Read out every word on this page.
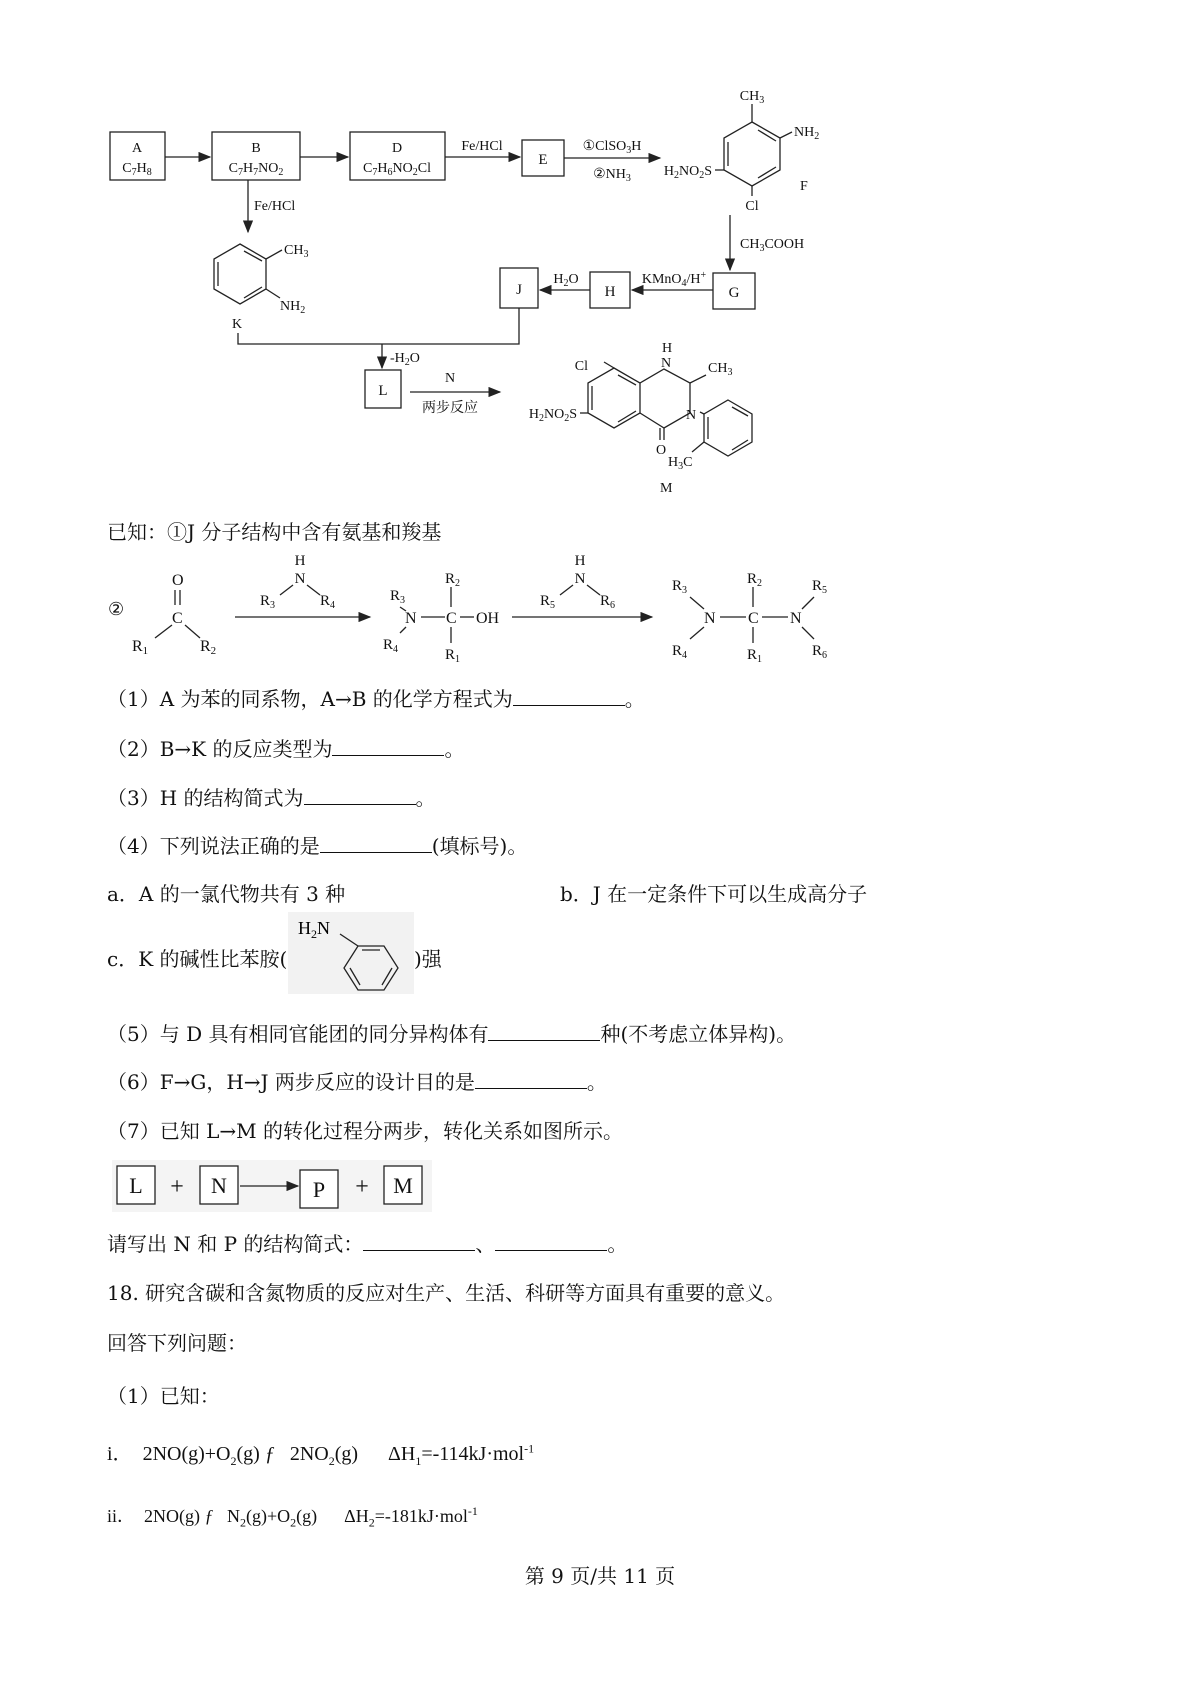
A
$C_7H_8$
B
$C_7H_7NO_2$
D
$C_7H_6NO_2Cl$
Fe/HCl
E
①ClSO$_3$H
$②NH_3$
$CH_3$
$NH_2$
$H_2NO_2S$
Cl
F
$CH_3COOH$
G
KMnO$_4$/H+
H
$H_2O$
J
Fe/HCl
$CH_3$
$NH_2$
K
$-H_2O$
L
N
两步反应
Cl
$H_2NO_2S$
H
N	$CH_3$
N
O
$H_3C$
M
已知：①J 分子结构中含有氨基和羧基
②
O
C
R1	R2
H
N
$R_3$	$R_4$
$R_3$
N
$R_4$
C
$R_2$
$R_1$
OH
H
N
$R_5$	$R_6$
$R_3$
N
$R_4$
C
$R_2$
$R_1$
N
$R_5$
$R_6$
（1）A 为苯的同系物，A→B 的化学方程式为	。
（2）B→K 的反应类型为	。
（3）H 的结构简式为	。
（4）下列说法正确的是	(填标号)。
a．A 的一氯代物共有 3 种	b．J 在一定条件下可以生成高分子
c．K 的碱性比苯胺(
$H_2N$
)强
（5）与 D 具有相同官能团的同分异构体有	种(不考虑立体异构)。
（6）F→G，H→J 两步反应的设计目的是	。
（7）已知 L→M 的转化过程分两步，转化关系如图所示。
L + N	P + M
请写出 N 和 P 的结构简式：	、	。
18. 研究含碳和含氮物质的反应对生产、生活、科研等方面具有重要的意义。
回答下列问题：
（1）已知：
i．  $2NO(g)+O_2(g)$ ƒ   $2NO_2(g)$      $\Delta H_1=-114kJ\cdot mol^{-1}$
ii．  2NO(g) ƒ   $N_2(g)+O_2(g)$      $\Delta H_2=-181kJ\cdot mol^{-1}$
第 9 页/共 11 页
